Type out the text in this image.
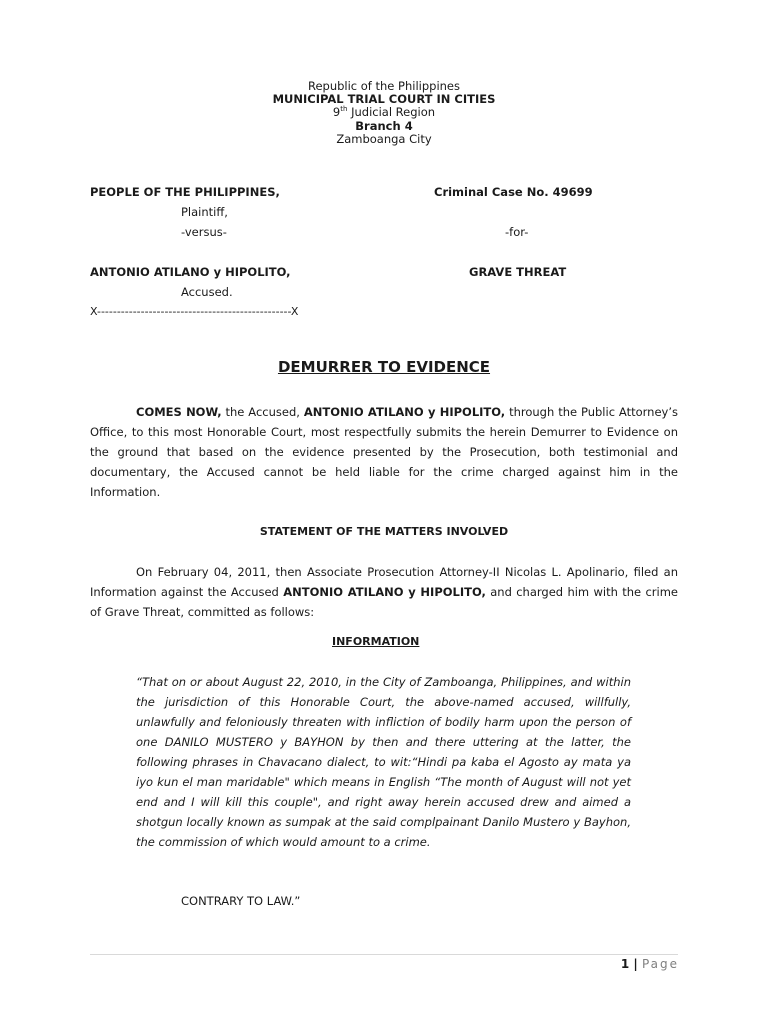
Republic of the Philippines
MUNICIPAL TRIAL COURT IN CITIES
9th Judicial Region
Branch 4
Zamboanga City
PEOPLE OF THE PHILIPPINES,	Criminal Case No. 49699
Plaintiff,
-versus-	-for-
ANTONIO ATILANO y HIPOLITO,	GRAVE THREAT
Accused.
X-------------------------------------------------X
DEMURRER TO EVIDENCE
COMES NOW, the Accused, ANTONIO ATILANO y HIPOLITO, through the Public Attorney’s Office, to this most Honorable Court, most respectfully submits the herein Demurrer to Evidence on the ground that based on the evidence presented by the Prosecution, both testimonial and documentary, the Accused cannot be held liable for the crime charged against him in the Information.
STATEMENT OF THE MATTERS INVOLVED
On February 04, 2011, then Associate Prosecution Attorney-II Nicolas L. Apolinario, filed an Information against the Accused ANTONIO ATILANO y HIPOLITO, and charged him with the crime of Grave Threat, committed as follows:
INFORMATION
“That on or about August 22, 2010, in the City of Zamboanga, Philippines, and within the jurisdiction of this Honorable Court, the above-named accused, willfully, unlawfully and feloniously threaten with infliction of bodily harm upon the person of one DANILO MUSTERO y BAYHON by then and there uttering at the latter, the following phrases in Chavacano dialect, to wit:“Hindi pa kaba el Agosto ay mata ya iyo kun el man maridable" which means in English “The month of August will not yet end and I will kill this couple", and right away herein accused drew and aimed a shotgun locally known as sumpak at the said complpainant Danilo Mustero y Bayhon, the commission of which would amount to a crime.
CONTRARY TO LAW.”
1 | Page
